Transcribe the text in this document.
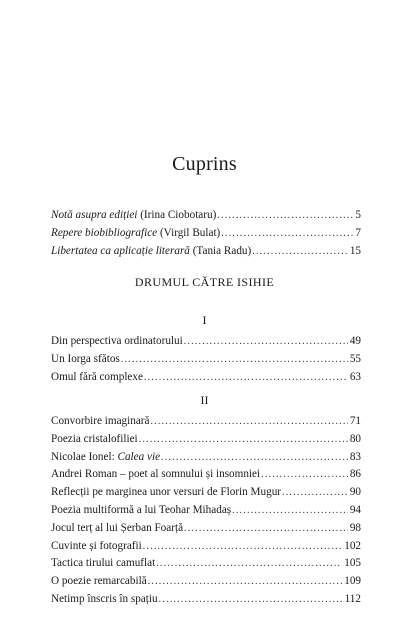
Cuprins
Notă asupra ediției (Irina Ciobotaru) .....	5
Repere biobibliografice (Virgil Bulat) .....	7
Libertatea ca aplicație literară (Tania Radu) .....	15
DRUMUL CĂTRE ISIHIE
I
Din perspectiva ordinatorului .....	49
Un Iorga sfătos .....	55
Omul fără complexe .....	63
II
Convorbire imaginară .....	71
Poezia cristalofiliei .....	80
Nicolae Ionel: Calea vie .....	83
Andrei Roman – poet al somnului și insomniei .....	86
Reflecții pe marginea unor versuri de Florin Mugur .....	90
Poezia multiformă a lui Teohar Mihadaș .....	94
Jocul terț al lui Șerban Foarță .....	98
Cuvinte și fotografii .....	102
Tactica tirului camuflat .....	105
O poezie remarcabilă .....	109
Netimp înscris în spațiu .....	112
